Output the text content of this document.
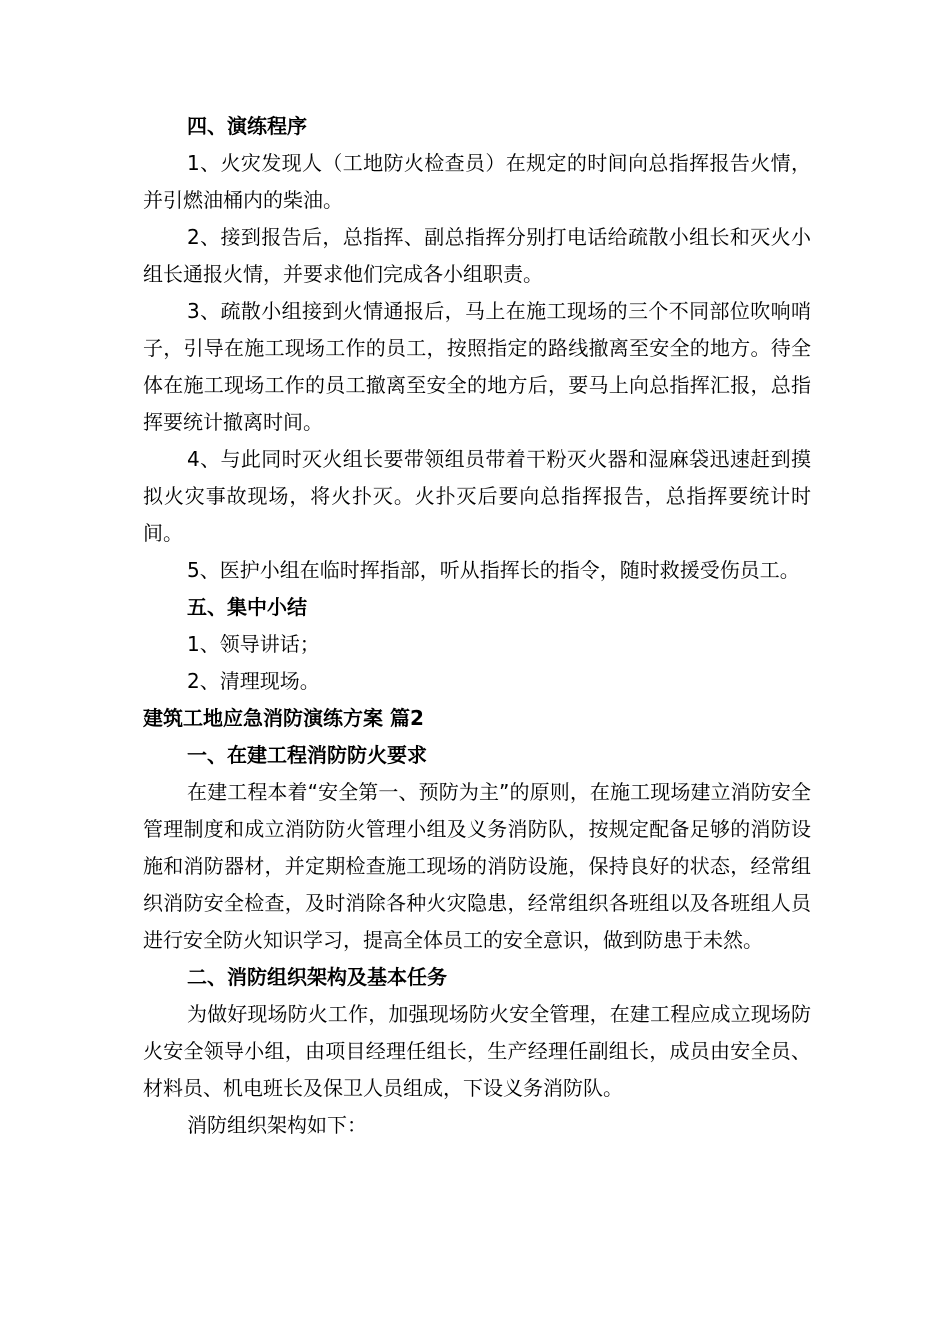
四、演练程序

1、火灾发现人（工地防火检查员）在规定的时间向总指挥报告火情，并引燃油桶内的柴油。

2、接到报告后，总指挥、副总指挥分别打电话给疏散小组长和灭火小组长通报火情，并要求他们完成各小组职责。

3、疏散小组接到火情通报后，马上在施工现场的三个不同部位吹响哨子，引导在施工现场工作的员工，按照指定的路线撤离至安全的地方。待全体在施工现场工作的员工撤离至安全的地方后，要马上向总指挥汇报，总指挥要统计撤离时间。

4、与此同时灭火组长要带领组员带着干粉灭火器和湿麻袋迅速赶到摸拟火灾事故现场，将火扑灭。火扑灭后要向总指挥报告，总指挥要统计时间。

5、医护小组在临时挥指部，听从指挥长的指令，随时救援受伤员工。

五、集中小结

1、领导讲话；

2、清理现场。

建筑工地应急消防演练方案 篇2

一、在建工程消防防火要求

在建工程本着“安全第一、预防为主”的原则，在施工现场建立消防安全管理制度和成立消防防火管理小组及义务消防队，按规定配备足够的消防设施和消防器材，并定期检查施工现场的消防设施，保持良好的状态，经常组织消防安全检查，及时消除各种火灾隐患，经常组织各班组以及各班组人员进行安全防火知识学习，提高全体员工的安全意识，做到防患于未然。

二、消防组织架构及基本任务

为做好现场防火工作，加强现场防火安全管理，在建工程应成立现场防火安全领导小组，由项目经理任组长，生产经理任副组长，成员由安全员、材料员、机电班长及保卫人员组成，下设义务消防队。

消防组织架构如下：
